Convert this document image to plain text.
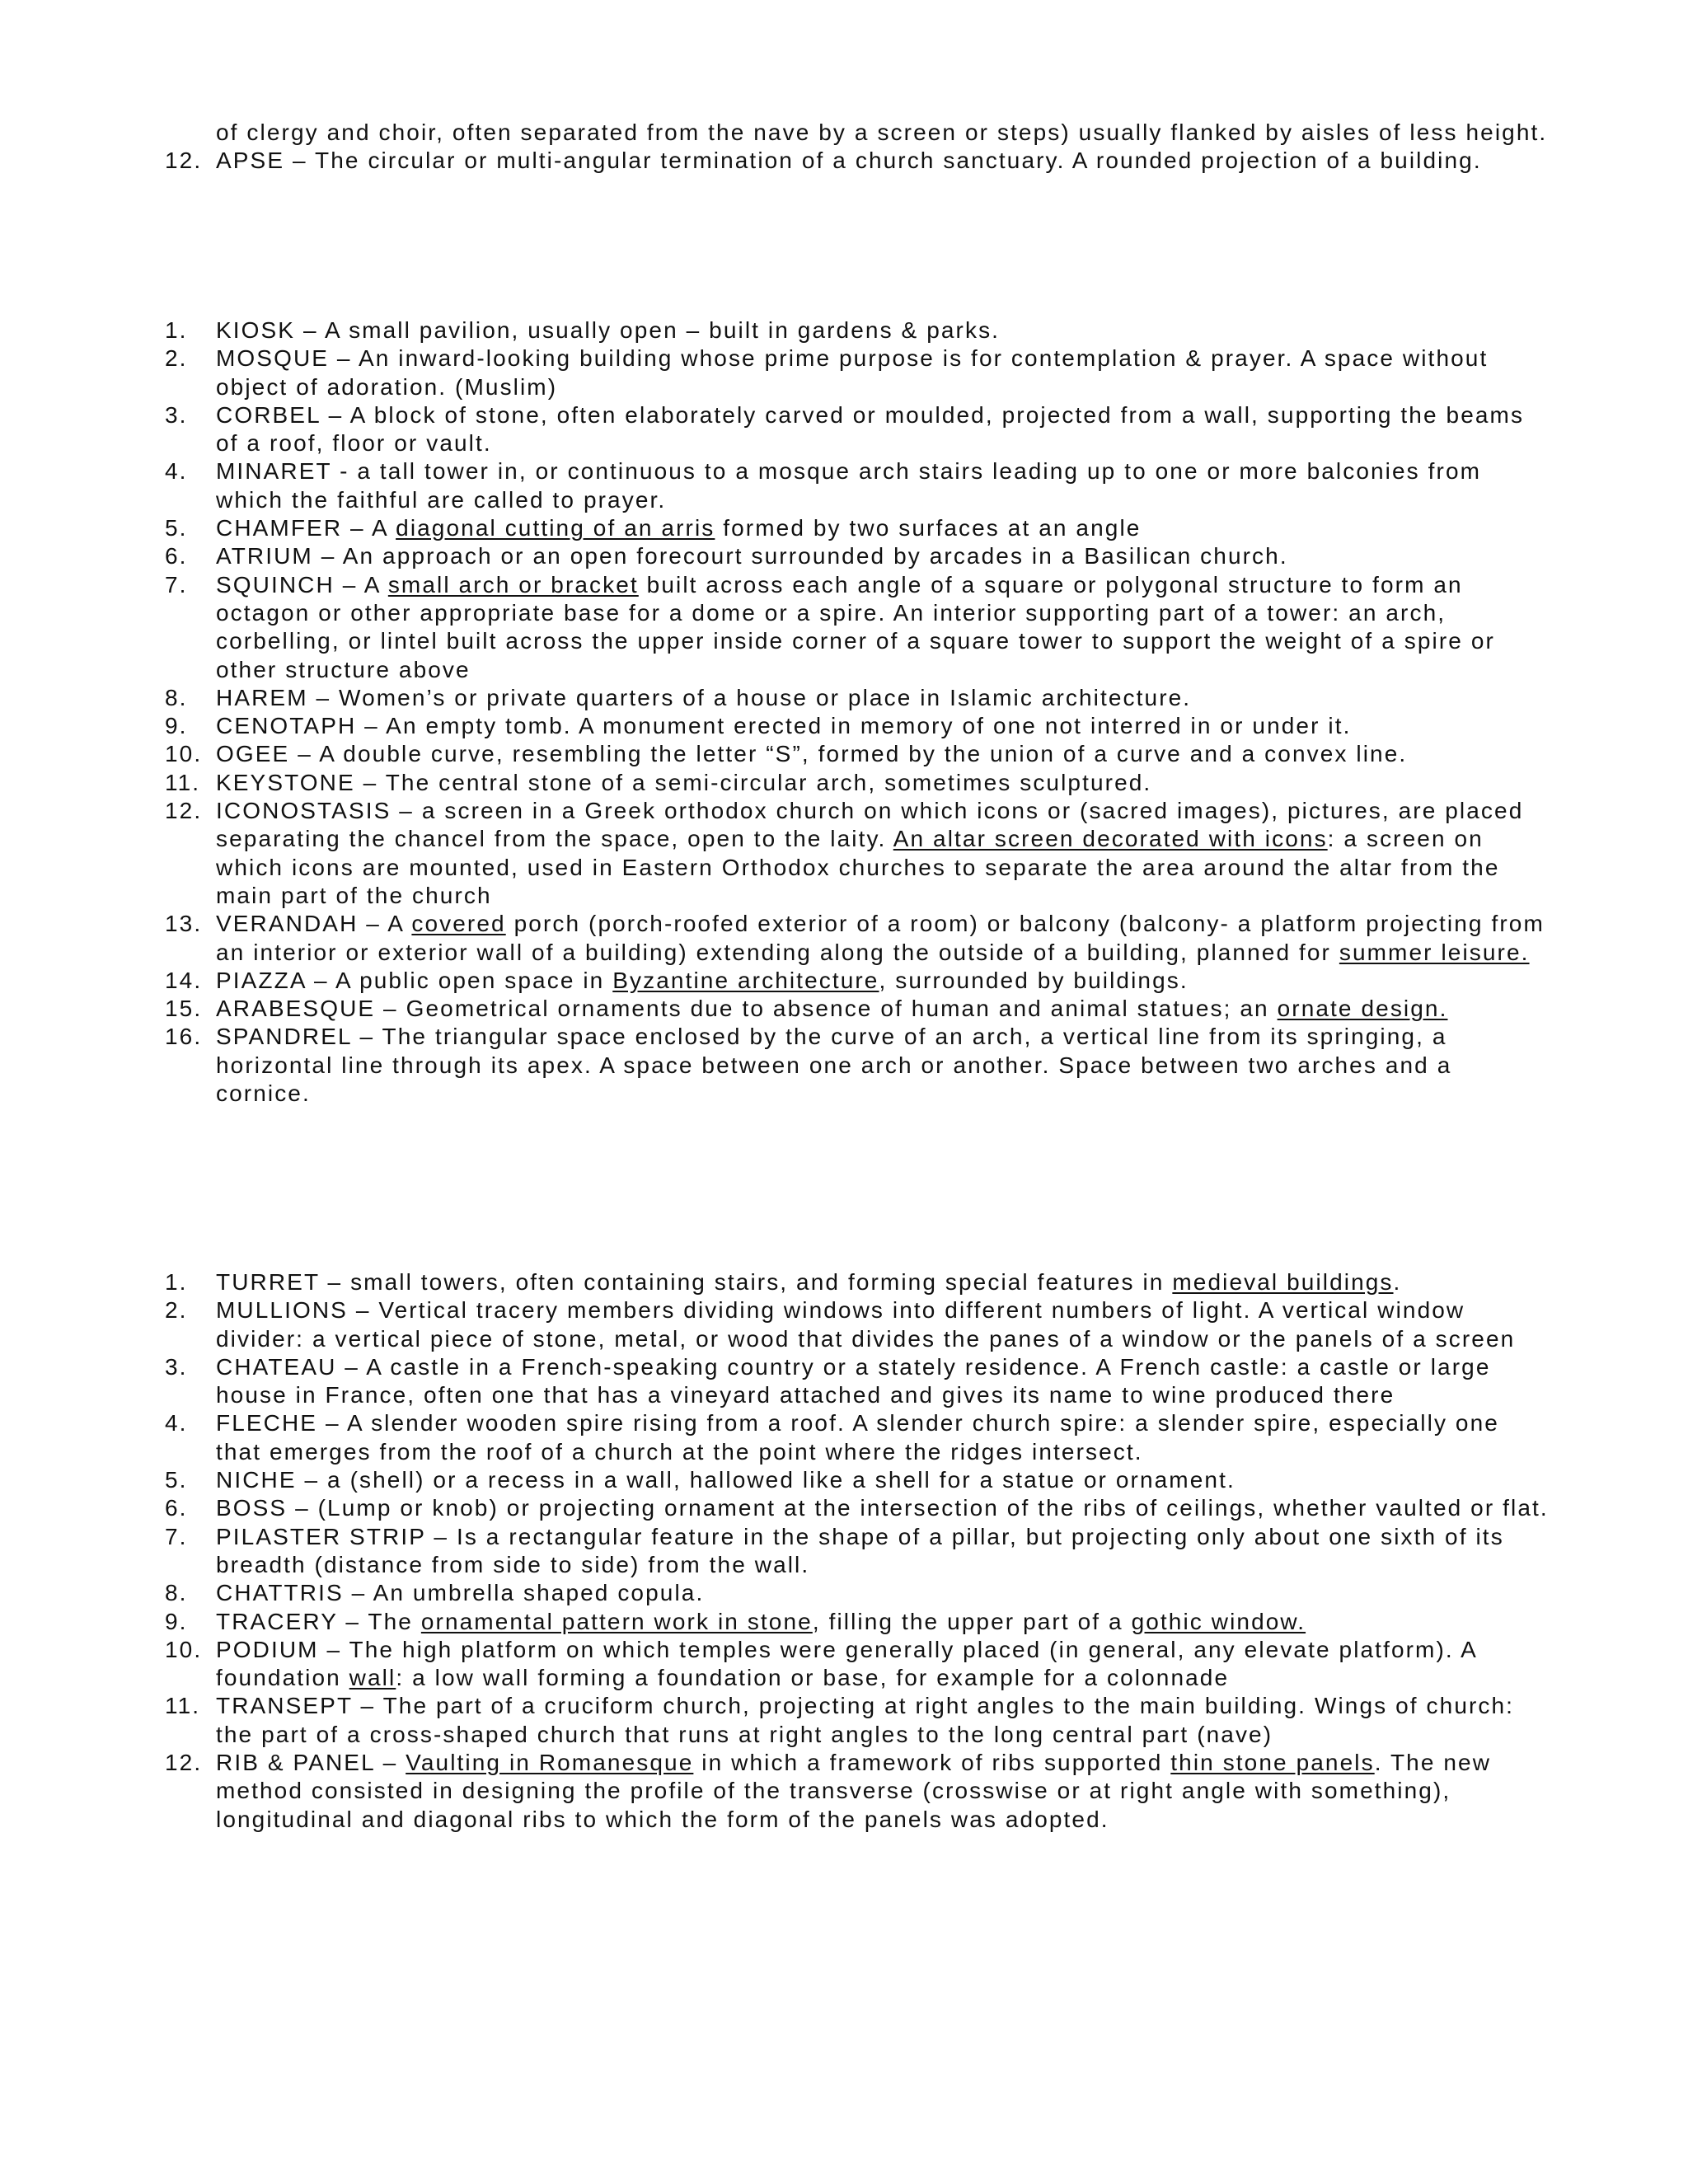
of clergy and choir, often separated from the nave by a screen or steps) usually flanked by aisles of less height.
12. APSE – The circular or multi-angular termination of a church sanctuary. A rounded projection of a building.
1.	KIOSK – A small pavilion, usually open – built in gardens & parks.
2.	MOSQUE – An inward-looking building whose prime purpose is for contemplation & prayer. A space without object of adoration. (Muslim)
3.	CORBEL – A block of stone, often elaborately carved or moulded, projected from a wall, supporting the beams of a roof, floor or vault.
4.	MINARET - a tall tower in, or continuous to a mosque arch stairs leading up to one or more balconies from which the faithful are called to prayer.
5.	CHAMFER – A diagonal cutting of an arris formed by two surfaces at an angle
6.	ATRIUM – An approach or an open forecourt surrounded by arcades in a Basilican church.
7.	SQUINCH – A small arch or bracket built across each angle of a square or polygonal structure to form an octagon or other appropriate base for a dome or a spire. An interior supporting part of a tower: an arch, corbelling, or lintel built across the upper inside corner of a square tower to support the weight of a spire or other structure above
8.	HAREM – Women’s or private quarters of a house or place in Islamic architecture.
9.	CENOTAPH – An empty tomb. A monument erected in memory of one not interred in or under it.
10. OGEE – A double curve, resembling the letter “S”, formed by the union of a curve and a convex line.
11. KEYSTONE – The central stone of a semi-circular arch, sometimes sculptured.
12. ICONOSTASIS – a screen in a Greek orthodox church on which icons or (sacred images), pictures, are placed separating the chancel from the space, open to the laity. An altar screen decorated with icons: a screen on which icons are mounted, used in Eastern Orthodox churches to separate the area around the altar from the main part of the church
13. VERANDAH – A covered porch (porch-roofed exterior of a room) or balcony (balcony- a platform projecting from an interior or exterior wall of a building) extending along the outside of a building, planned for summer leisure.
14. PIAZZA – A public open space in Byzantine architecture, surrounded by buildings.
15. ARABESQUE – Geometrical ornaments due to absence of human and animal statues; an ornate design.
16. SPANDREL – The triangular space enclosed by the curve of an arch, a vertical line from its springing, a horizontal line through its apex. A space between one arch or another. Space between two arches and a cornice.
1.	TURRET – small towers, often containing stairs, and forming special features in medieval buildings.
2.	MULLIONS – Vertical tracery members dividing windows into different numbers of light. A vertical window divider: a vertical piece of stone, metal, or wood that divides the panes of a window or the panels of a screen
3.	CHATEAU – A castle in a French-speaking country or a stately residence. A French castle: a castle or large house in France, often one that has a vineyard attached and gives its name to wine produced there
4.	FLECHE – A slender wooden spire rising from a roof. A slender church spire: a slender spire, especially one that emerges from the roof of a church at the point where the ridges intersect.
5.	NICHE – a (shell) or a recess in a wall, hallowed like a shell for a statue or ornament.
6.	BOSS – (Lump or knob) or projecting ornament at the intersection of the ribs of ceilings, whether vaulted or flat.
7.	PILASTER STRIP – Is a rectangular feature in the shape of a pillar, but projecting only about one sixth of its breadth (distance from side to side) from the wall.
8.	CHATTRIS – An umbrella shaped copula.
9.	TRACERY – The ornamental pattern work in stone, filling the upper part of a gothic window.
10. PODIUM – The high platform on which temples were generally placed (in general, any elevate platform). A foundation wall: a low wall forming a foundation or base, for example for a colonnade
11. TRANSEPT – The part of a cruciform church, projecting at right angles to the main building. Wings of church: the part of a cross-shaped church that runs at right angles to the long central part (nave)
12. RIB & PANEL – Vaulting in Romanesque in which a framework of ribs supported thin stone panels. The new method consisted in designing the profile of the transverse (crosswise or at right angle with something), longitudinal and diagonal ribs to which the form of the panels was adopted.
